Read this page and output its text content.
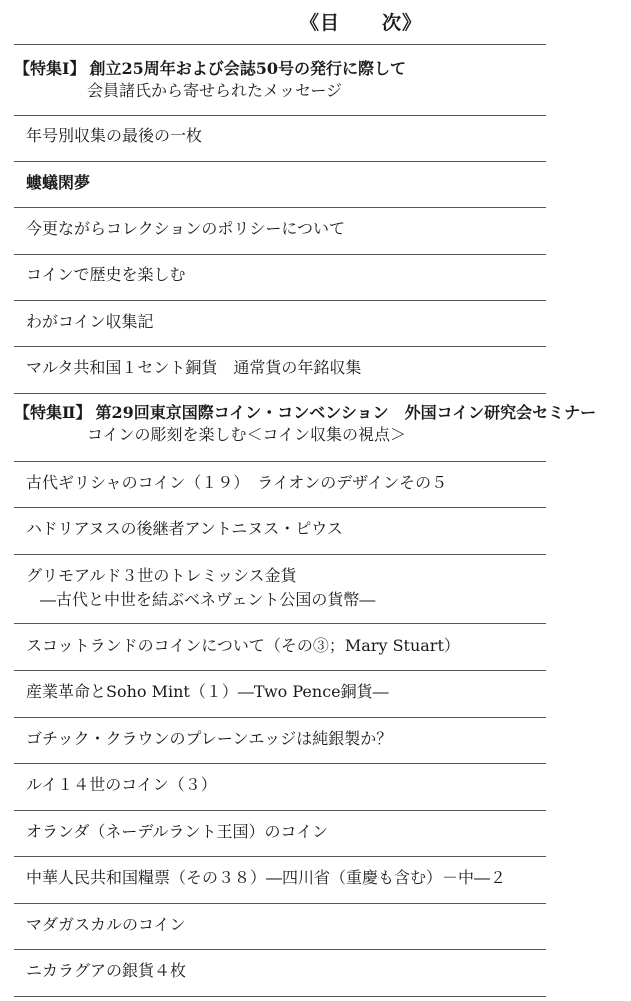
《目 次》
【特集Ⅰ】 創立25周年および会誌50号の発行に際して
会員諸氏から寄せられたメッセージ
年号別収集の最後の一枚
螻蟻閑夢
今更ながらコレクションのポリシーについて
コインで歴史を楽しむ
わがコイン収集記
マルタ共和国１セント銅貨　通常貨の年銘収集
【特集Ⅱ】 第29回東京国際コイン・コンベンション　外国コイン研究会セミナー
コインの彫刻を楽しむ＜コイン収集の視点＞
古代ギリシャのコイン（１９）　ライオンのデザインその５
ハドリアヌスの後継者アントニヌス・ピウス
グリモアルド３世のトレミッシス金貨
―古代と中世を結ぶベネヴェント公国の貨幣―
スコットランドのコインについて（その③；Mary Stuart）
産業革命とSoho Mint（１）―Two Pence銅貨―
ゴチック・クラウンのプレーンエッジは純銀製か？
ルイ１４世のコイン（３）
オランダ（ネーデルラント王国）のコイン
中華人民共和国糧票（その３８）―四川省（重慶も含む）－中―２
マダガスカルのコイン
ニカラグアの銀貨４枚
